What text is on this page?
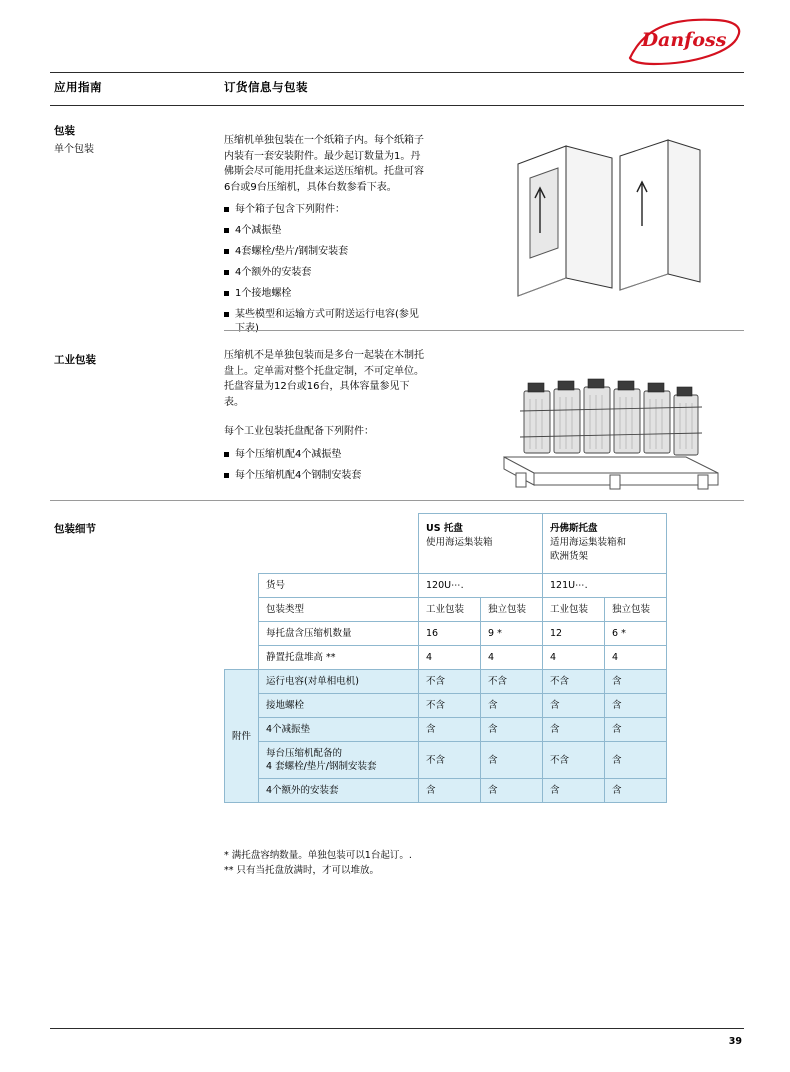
Danfoss
应用指南	订货信息与包装
包装
单个包装

压缩机单独包装在一个纸箱子内。每个纸箱子内装有一套安装附件。最少起订数量为1。丹佛斯会尽可能用托盘来运送压缩机。托盘可容6台或9台压缩机，具体台数参看下表。

每个箱子包含下列附件：
4个减振垫
4套螺栓/垫片/钢制安装套
4个额外的安装套
1个接地螺栓
某些模型和运输方式可附送运行电容(参见下表)
工业包装	压缩机不是单独包装而是多台一起装在木制托盘上。定单需对整个托盘定制，不可定单位。托盘容量为12台或16台，具体容量参见下表。

每个工业包装托盘配备下列附件：

每个压缩机配4个减振垫
每个压缩机配4个钢制安装套
包装细节
			US 托盘
使用海运集装箱		丹佛斯托盘
适用海运集装箱和
欧洲货架	
	货号	120U⋯.		121U⋯.	
	包装类型	工业包装	独立包装	工业包装	独立包装
	每托盘含压缩机数量	16	9 *	12	6 *
	静置托盘堆高 **	4	4	4	4
附件	运行电容(对单相电机)	不含	不含	不含	含
	接地螺栓	不含	含	含	含
	4个减振垫	含	含	含	含
	每台压缩机配备的
4 套螺栓/垫片/钢制安装套	不含	含	不含	含
	4个额外的安装套	含	含	含	含
* 满托盘容纳数量。单独包装可以1台起订。.
** 只有当托盘放满时，才可以堆放。
39
